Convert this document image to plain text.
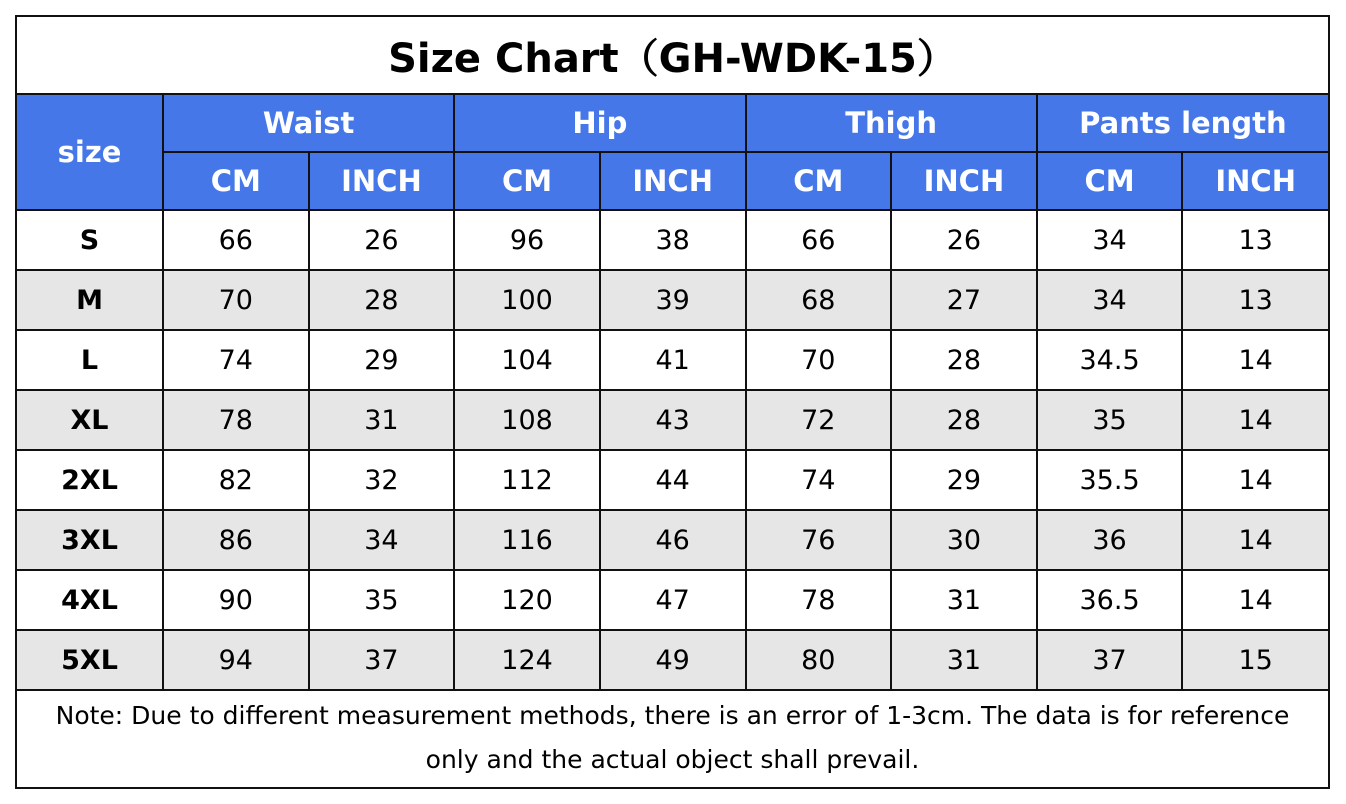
Size Chart（GH-WDK-15）								
size	Waist		Hip		Thigh		Pants length	
	CM	INCH	CM	INCH	CM	INCH	CM	INCH
S	66	26	96	38	66	26	34	13
M	70	28	100	39	68	27	34	13
L	74	29	104	41	70	28	34.5	14
XL	78	31	108	43	72	28	35	14
2XL	82	32	112	44	74	29	35.5	14
3XL	86	34	116	46	76	30	36	14
4XL	90	35	120	47	78	31	36.5	14
5XL	94	37	124	49	80	31	37	15
Note: Due to different measurement methods, there is an error of 1-3cm. The data is for reference only and the actual object shall prevail.								
